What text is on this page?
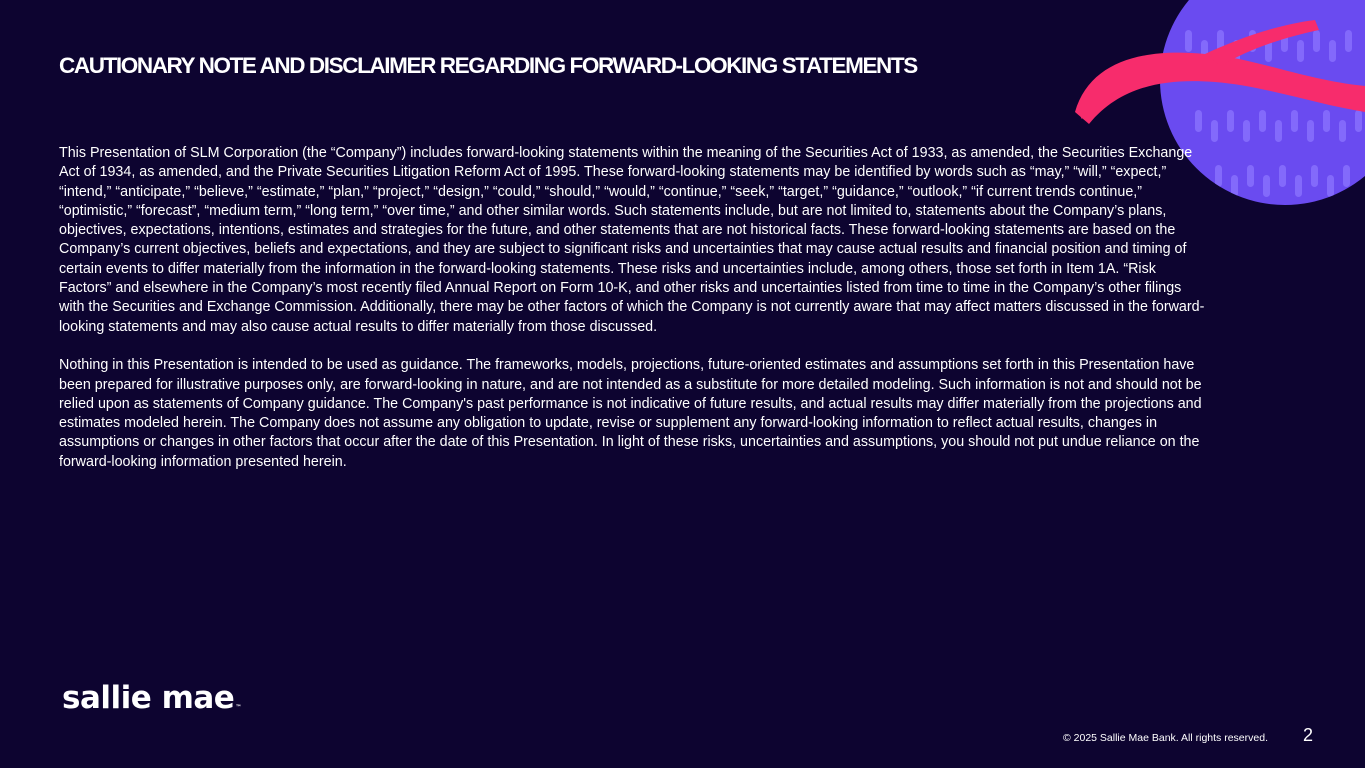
CAUTIONARY NOTE AND DISCLAIMER REGARDING FORWARD-LOOKING STATEMENTS

This Presentation of SLM Corporation (the “Company”) includes forward-looking statements within the meaning of the Securities Act of 1933, as amended, the Securities Exchange Act of 1934, as amended, and the Private Securities Litigation Reform Act of 1995. These forward-looking statements may be identified by words such as “may,” “will,” “expect,” “intend,” “anticipate,” “believe,” “estimate,” “plan,” “project,” “design,” “could,” “should,” “would,” “continue,” “seek,” “target,” “guidance,” “outlook,” “if current trends continue,” “optimistic,” “forecast”, “medium term,” “long term,” “over time,” and other similar words. Such statements include, but are not limited to, statements about the Company’s plans, objectives, expectations, intentions, estimates and strategies for the future, and other statements that are not historical facts. These forward-looking statements are based on the Company’s current objectives, beliefs and expectations, and they are subject to significant risks and uncertainties that may cause actual results and financial position and timing of certain events to differ materially from the information in the forward-looking statements. These risks and uncertainties include, among others, those set forth in Item 1A. “Risk Factors” and elsewhere in the Company’s most recently filed Annual Report on Form 10-K, and other risks and uncertainties listed from time to time in the Company’s other filings with the Securities and Exchange Commission. Additionally, there may be other factors of which the Company is not currently aware that may affect matters discussed in the forward-looking statements and may also cause actual results to differ materially from those discussed.

Nothing in this Presentation is intended to be used as guidance. The frameworks, models, projections, future-oriented estimates and assumptions set forth in this Presentation have been prepared for illustrative purposes only, are forward-looking in nature, and are not intended as a substitute for more detailed modeling. Such information is not and should not be relied upon as statements of Company guidance. The Company's past performance is not indicative of future results, and actual results may differ materially from the projections and estimates modeled herein. The Company does not assume any obligation to update, revise or supplement any forward-looking information to reflect actual results, changes in assumptions or changes in other factors that occur after the date of this Presentation. In light of these risks, uncertainties and assumptions, you should not put undue reliance on the forward-looking information presented herein.

sallie mae™
© 2025 Sallie Mae Bank. All rights reserved. 2
